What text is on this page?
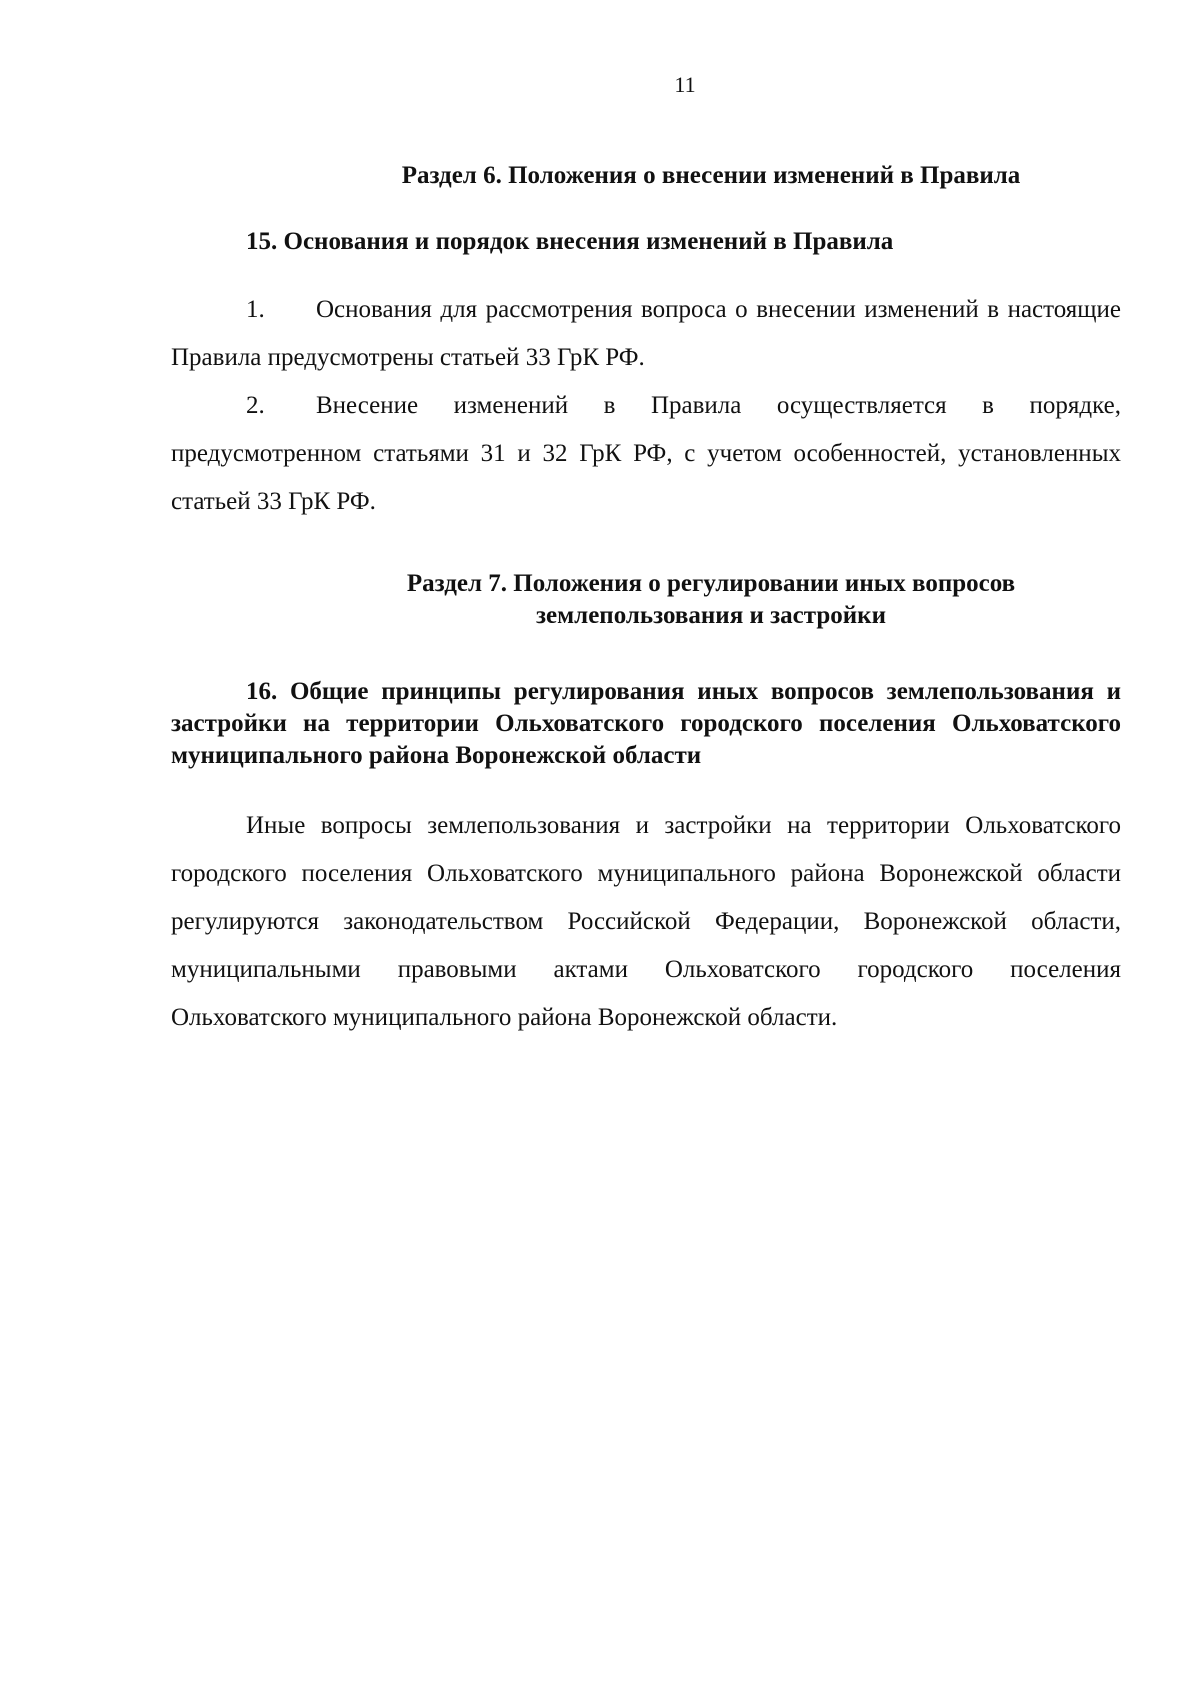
11
Раздел 6. Положения о внесении изменений в Правила
15. Основания и порядок внесения изменений в Правила

1. Основания для рассмотрения вопроса о внесении изменений в настоящие Правила предусмотрены статьей 33 ГрК РФ.

2. Внесение изменений в Правила осуществляется в порядке, предусмотренном статьями 31 и 32 ГрК РФ, с учетом особенностей, установленных статьей 33 ГрК РФ.

Раздел 7. Положения о регулировании иных вопросов
землепользования и застройки
16. Общие принципы регулирования иных вопросов землепользования и застройки на территории Ольховатского городского поселения Ольховатского муниципального района Воронежской области

Иные вопросы землепользования и застройки на территории Ольховатского городского поселения Ольховатского муниципального района Воронежской области регулируются законодательством Российской Федерации, Воронежской области, муниципальными правовыми актами Ольховатского городского поселения Ольховатского муниципального района Воронежской области.
